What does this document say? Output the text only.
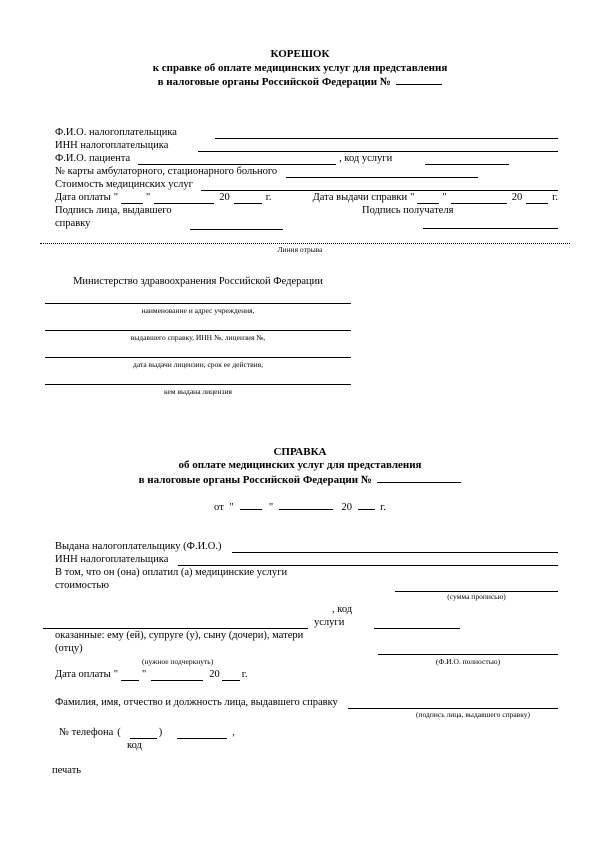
КОРЕШОК
к справке об оплате медицинских услуг для представления
в налоговые органы Российской Федерации №
Ф.И.О. налогоплательщика
ИНН налогоплательщика
Ф.И.О. пациента	, код услуги
№ карты амбулаторного, стационарного больного
Стоимость медицинских услуг
Дата оплаты "	"	20	г.	Дата выдачи справки "	"	20	г.
Подпись лица, выдавшего
справку
Подпись получателя
Линия отрыва
Министерство здравоохранения Российской Федерации
наименование и адрес учреждения,
выдавшего справку, ИНН №, лицензия №,
дата выдачи лицензии, срок ее действия,
кем выдана лицензия
СПРАВКА
об оплате медицинских услуг для представления
в налоговые органы Российской Федерации №
от "	"	20	г.
Выдана налогоплательщику (Ф.И.О.)
ИНН налогоплательщика
В том, что он (она) оплатил (а) медицинские услуги
стоимостью
(сумма прописью)
, код
услуги
оказанные: ему (ей), супруге (у), сыну (дочери), матери
(отцу)
(нужное подчеркнуть)	(Ф.И.О. полностью)
Дата оплаты " "	20 г.
Фамилия, имя, отчество и должность лица, выдавшего справку
(подпись лица, выдавшего справку)
№ телефона (	)	,
код
печать
